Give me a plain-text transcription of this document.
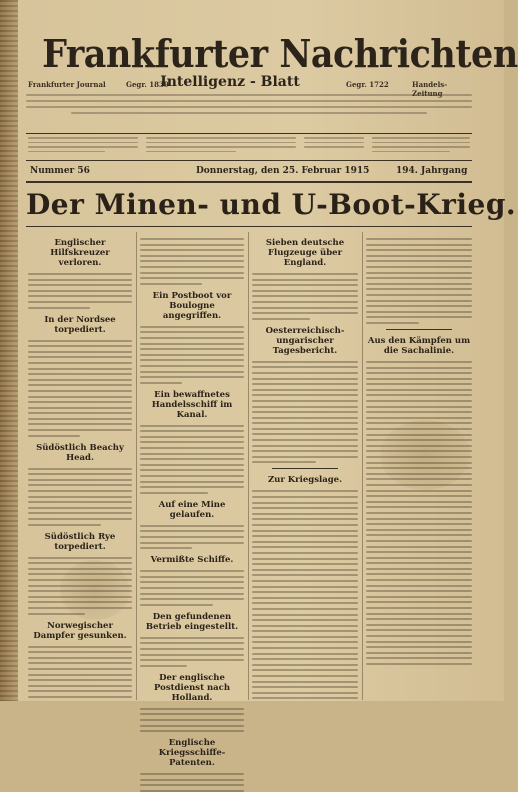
Frankfurter Nachrichten
Frankfurter Journal	Gegr. 1839	Gegr. 1722	Handels-Zeitung
Intelligenz - Blatt
Nummer 56	Donnerstag, den 25. Februar 1915	194. Jahrgang
Der Minen- und U-Boot-Krieg.
Englischer Hilfskreuzer verloren.
In der Nordsee torpediert.
Südöstlich Beachy Head.
Südöstlich Rye torpediert.
Norwegischer Dampfer gesunken.
Ein Postboot vor Boulogne angegriffen.
Ein bewaffnetes Handelsschiff im Kanal.
Auf eine Mine gelaufen.
Vermißte Schiffe.
Den gefundenen Betrieb eingestellt.
Der englische Postdienst nach Holland.
Englische Kriegsschiffe-Patenten.
Sieben deutsche Flugzeuge über England.
Oesterreichisch-ungarischer Tagesbericht.
Zur Kriegslage.
Aus den Kämpfen um die Sachalinie.
